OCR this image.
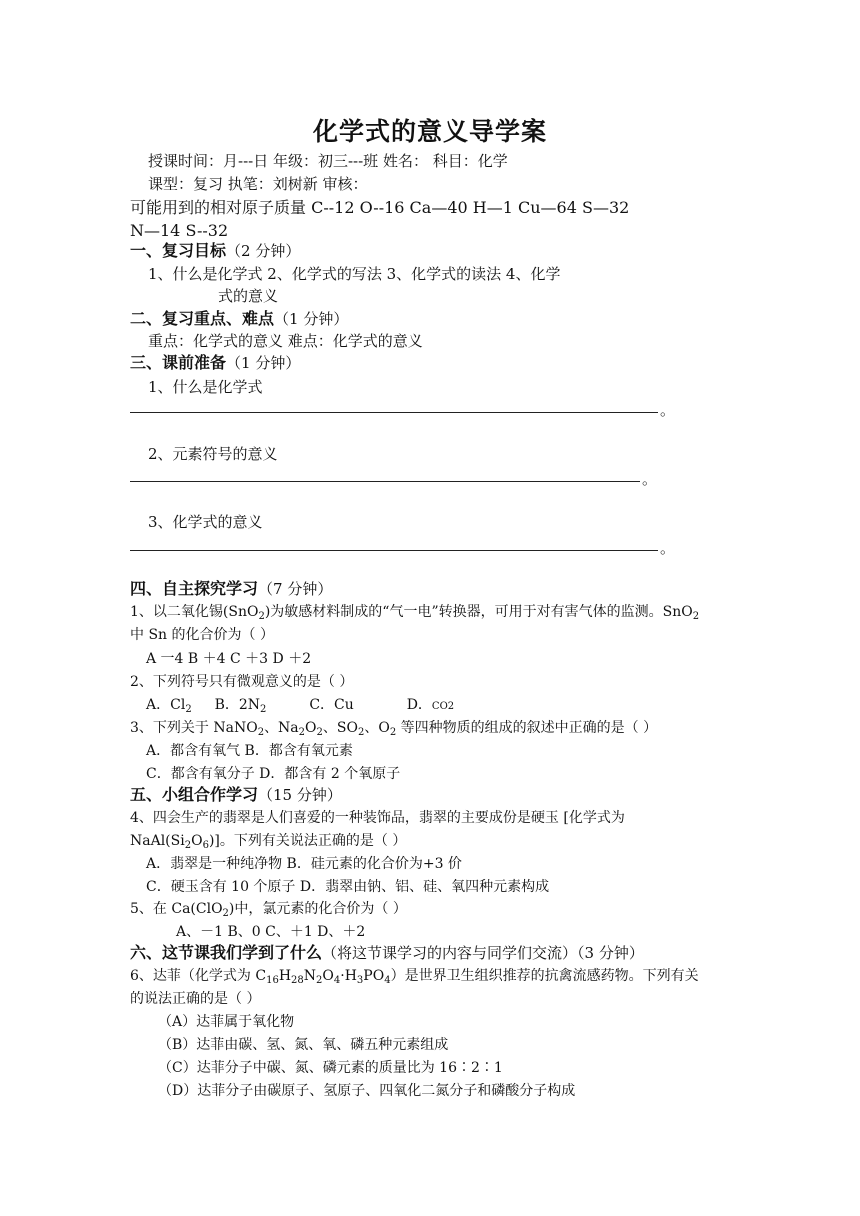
化学式的意义导学案
授课时间：月---日 年级：初三---班 姓名： 科目：化学
课型：复习 执笔：刘树新 审核：
可能用到的相对原子质量 C--12 O--16 Ca—40 H—1 Cu—64 S—32
N—14 S--32
一、复习目标（2 分钟）
1、什么是化学式 2、化学式的写法 3、化学式的读法 4、化学
式的意义
二、复习重点、难点（1 分钟）
重点：化学式的意义 难点：化学式的意义
三、课前准备（1 分钟）
1、什么是化学式
。
2、元素符号的意义
。
3、化学式的意义
。
四、自主探究学习（7 分钟）
1、以二氧化锡(SnO$_2$)为敏感材料制成的“气一电”转换器，可用于对有害气体的监测。SnO$_2$
中 Sn 的化合价为（ ）
A 一4 B ＋4 C ＋3 D ＋2
2、下列符号只有微观意义的是（ ）
A．$Cl_2$ B．$2N_2$	C．Cu	D．CO2
3、下列关于 NaNO$_2$、$Na_2O_2$、$SO_2$、$O_2$ 等四种物质的组成的叙述中正确的是（ ）
A．都含有氧气 B．都含有氧元素
C．都含有氧分子 D．都含有 2 个氧原子
五、小组合作学习（15 分钟）
4、四会生产的翡翠是人们喜爱的一种装饰品，翡翠的主要成份是硬玉 [化学式为
$NaAl(Si_2O_6)$]。下列有关说法正确的是（ ）
A．翡翠是一种纯净物 B．硅元素的化合价为+3 价
C．硬玉含有 10 个原子 D．翡翠由钠、铝、硅、氧四种元素构成
5、在 Ca(ClO$_2$)中，氯元素的化合价为（ ）
A、－1 B、0 C、＋1 D、＋2
六、这节课我们学到了什么（将这节课学习的内容与同学们交流）（3 分钟）
6、达菲（化学式为 $C_{16}H_{28}N_2O_4\cdot H_3PO_4$）是世界卫生组织推荐的抗禽流感药物。下列有关
的说法正确的是（ ）
（A）达菲属于氧化物
（B）达菲由碳、氢、氮、氧、磷五种元素组成
（C）达菲分子中碳、氮、磷元素的质量比为 16∶2∶1
（D）达菲分子由碳原子、氢原子、四氧化二氮分子和磷酸分子构成
